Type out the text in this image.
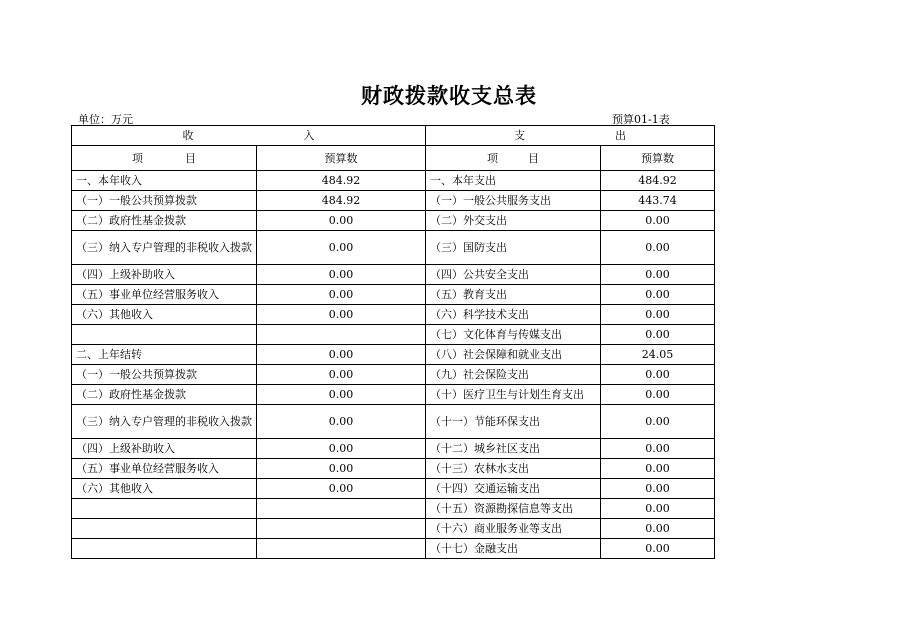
财政拨款收支总表
单位：万元	预算01-1表
收 入		支 出	
项 目	预算数	项 目	预算数
一、本年收入	484.92	一、本年支出	484.92
（一）一般公共预算拨款	484.92	（一）一般公共服务支出	443.74
（二）政府性基金拨款	0.00	（二）外交支出	0.00
（三）纳入专户管理的非税收入拨款	0.00	（三）国防支出	0.00
（四）上级补助收入	0.00	（四）公共安全支出	0.00
（五）事业单位经营服务收入	0.00	（五）教育支出	0.00
（六）其他收入	0.00	（六）科学技术支出	0.00
		（七）文化体育与传媒支出	0.00
二、上年结转	0.00	（八）社会保障和就业支出	24.05
（一）一般公共预算拨款	0.00	（九）社会保险支出	0.00
（二）政府性基金拨款	0.00	（十）医疗卫生与计划生育支出	0.00
（三）纳入专户管理的非税收入拨款	0.00	（十一）节能环保支出	0.00
（四）上级补助收入	0.00	（十二）城乡社区支出	0.00
（五）事业单位经营服务收入	0.00	（十三）农林水支出	0.00
（六）其他收入	0.00	（十四）交通运输支出	0.00
		（十五）资源勘探信息等支出	0.00
		（十六）商业服务业等支出	0.00
		（十七）金融支出	0.00
